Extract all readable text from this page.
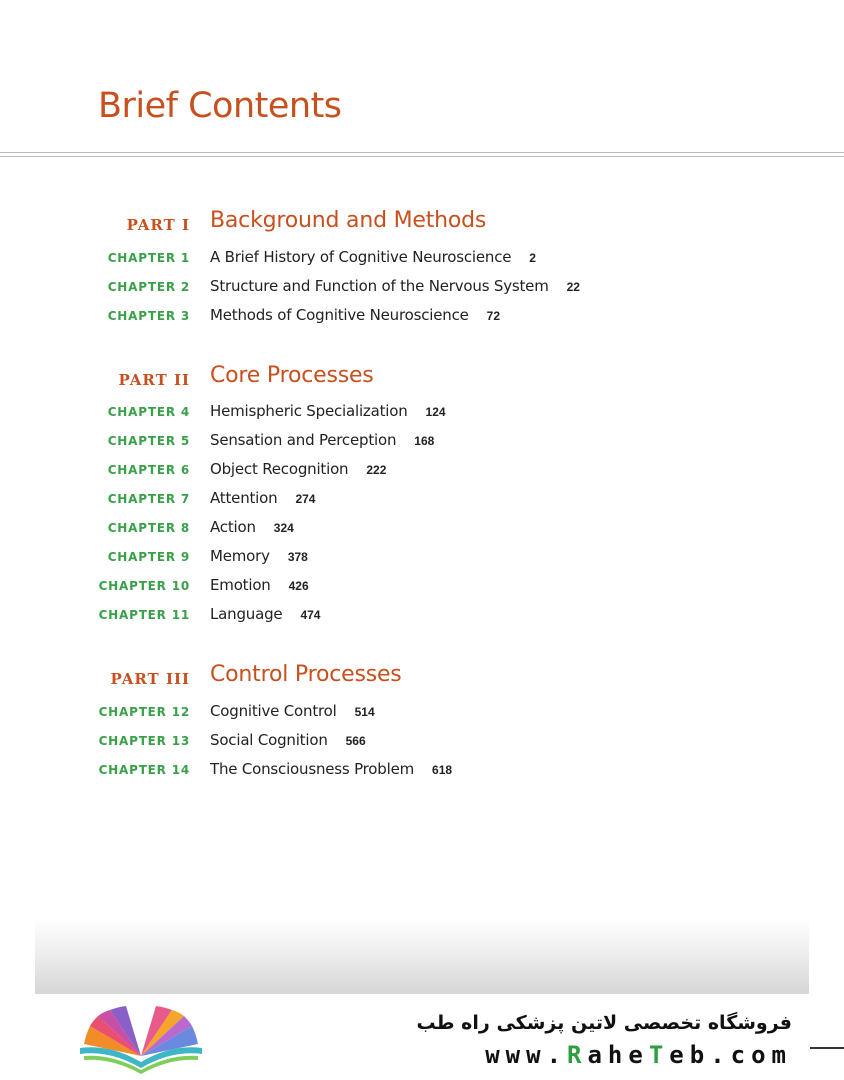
Brief Contents
PART I Background and Methods
CHAPTER 1 A Brief History of Cognitive Neuroscience 2
CHAPTER 2 Structure and Function of the Nervous System 22
CHAPTER 3 Methods of Cognitive Neuroscience 72
PART II Core Processes
CHAPTER 4 Hemispheric Specialization 124
CHAPTER 5 Sensation and Perception 168
CHAPTER 6 Object Recognition 222
CHAPTER 7 Attention 274
CHAPTER 8 Action 324
CHAPTER 9 Memory 378
CHAPTER 10 Emotion 426
CHAPTER 11 Language 474
PART III Control Processes
CHAPTER 12 Cognitive Control 514
CHAPTER 13 Social Cognition 566
CHAPTER 14 The Consciousness Problem 618
فروشگاه تخصصی لاتین پزشکی راه طب
www.RaheTeb.com
